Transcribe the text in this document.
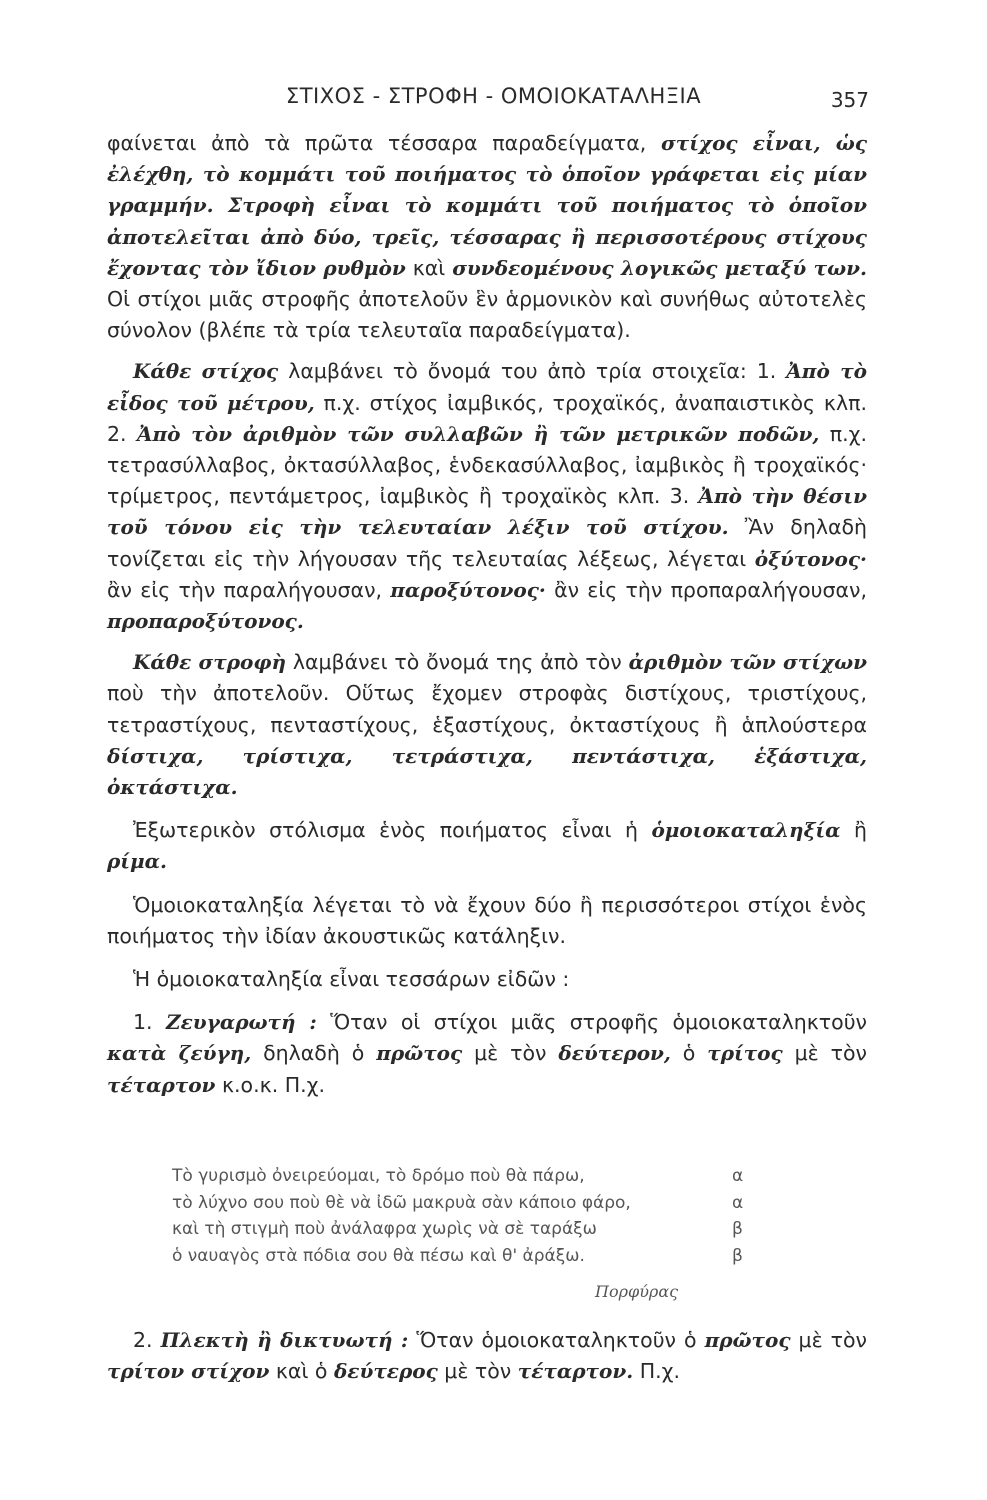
ΣΤΙΧΟΣ - ΣΤΡΟΦΗ - ΟΜΟΙΟΚΑΤΑΛΗΞΙΑ	357

φαίνεται ἀπὸ τὰ πρῶτα τέσσαρα παραδείγματα, στίχος εἶναι, ὡς ἐλέχθη, τὸ κομμάτι τοῦ ποιήματος τὸ ὁποῖον γράφεται εἰς μίαν γραμμήν. Στροφὴ εἶναι τὸ κομμάτι τοῦ ποιήματος τὸ ὁποῖον ἀποτελεῖται ἀπὸ δύο, τρεῖς, τέσσαρας ἢ περισσοτέρους στίχους ἔχοντας τὸν ἴδιον ρυθμὸν καὶ συνδεομένους λογικῶς μεταξύ των. Οἱ στίχοι μιᾶς στροφῆς ἀποτελοῦν ἓν ἁρμονικὸν καὶ συνήθως αὐτοτελὲς σύνολον (βλέπε τὰ τρία τελευταῖα παραδείγματα).

Κάθε στίχος λαμβάνει τὸ ὄνομά του ἀπὸ τρία στοιχεῖα: 1. Ἀπὸ τὸ εἶδος τοῦ μέτρου, π.χ. στίχος ἰαμβικός, τροχαϊκός, ἀναπαιστικὸς κλπ. 2. Ἀπὸ τὸν ἀριθμὸν τῶν συλλαβῶν ἢ τῶν μετρικῶν ποδῶν, π.χ. τετρασύλλαβος, ὀκτασύλλαβος, ἑνδεκασύλλαβος, ἰαμβικὸς ἢ τροχαϊκός· τρίμετρος, πεντάμετρος, ἰαμβικὸς ἢ τροχαϊκὸς κλπ. 3. Ἀπὸ τὴν θέσιν τοῦ τόνου εἰς τὴν τελευταίαν λέξιν τοῦ στίχου. Ἂν δηλαδὴ τονίζεται εἰς τὴν λήγουσαν τῆς τελευταίας λέξεως, λέγεται ὀξύτονος· ἂν εἰς τὴν παραλήγουσαν, παροξύτονος· ἂν εἰς τὴν προπαραλήγουσαν, προπαροξύτονος.

Κάθε στροφὴ λαμβάνει τὸ ὄνομά της ἀπὸ τὸν ἀριθμὸν τῶν στίχων ποὺ τὴν ἀποτελοῦν. Οὕτως ἔχομεν στροφὰς διστίχους, τριστίχους, τετραστίχους, πενταστίχους, ἑξαστίχους, ὀκταστίχους ἢ ἁπλούστερα δίστιχα, τρίστιχα, τετράστιχα, πεντάστιχα, ἑξάστιχα, ὀκτάστιχα.

Ἐξωτερικὸν στόλισμα ἑνὸς ποιήματος εἶναι ἡ ὁμοιοκαταληξία ἢ ρίμα.

Ὁμοιοκαταληξία λέγεται τὸ νὰ ἔχουν δύο ἢ περισσότεροι στίχοι ἑνὸς ποιήματος τὴν ἰδίαν ἀκουστικῶς κατάληξιν.

Ἡ ὁμοιοκαταληξία εἶναι τεσσάρων εἰδῶν :

1. Ζευγαρωτή : Ὅταν οἱ στίχοι μιᾶς στροφῆς ὁμοιοκαταληκτοῦν κατὰ ζεύγη, δηλαδὴ ὁ πρῶτος μὲ τὸν δεύτερον, ὁ τρίτος μὲ τὸν τέταρτον κ.ο.κ. Π.χ.

Τὸ γυρισμὸ ὀνειρεύομαι, τὸ δρόμο ποὺ θὰ πάρω,	α
τὸ λύχνο σου ποὺ θὲ νὰ ἰδῶ μακρυὰ σὰν κάποιο φάρο,	α
καὶ τὴ στιγμὴ ποὺ ἀνάλαφρα χωρὶς νὰ σὲ ταράξω	β
ὁ ναυαγὸς στὰ πόδια σου θὰ πέσω καὶ θ' ἀράξω.	β
Πορφύρας

2. Πλεκτὴ ἢ δικτυωτή : Ὅταν ὁμοιοκαταληκτοῦν ὁ πρῶτος μὲ τὸν τρίτον στίχον καὶ ὁ δεύτερος μὲ τὸν τέταρτον. Π.χ.
